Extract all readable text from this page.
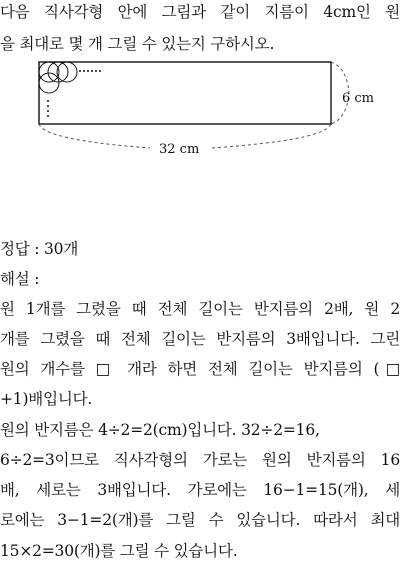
다음 직사각형 안에 그림과 같이 지름이 4cm인 원
을 최대로 몇 개 그릴 수 있는지 구하시오.
6 cm
32 cm
정답 : 30개
해설 :
원 1개를 그렸을 때 전체 길이는 반지름의 2배, 원 2
개를 그렸을 때 전체 길이는 반지름의 3배입니다. 그린
원의 개수를 □ 개라 하면 전체 길이는 반지름의 (□
+1)배입니다.
원의 반지름은 4÷2=2(cm)입니다. 32÷2=16,
6÷2=3이므로 직사각형의 가로는 원의 반지름의 16
배, 세로는 3배입니다. 가로에는 16−1=15(개), 세
로에는 3−1=2(개)를 그릴 수 있습니다. 따라서 최대
15×2=30(개)를 그릴 수 있습니다.
